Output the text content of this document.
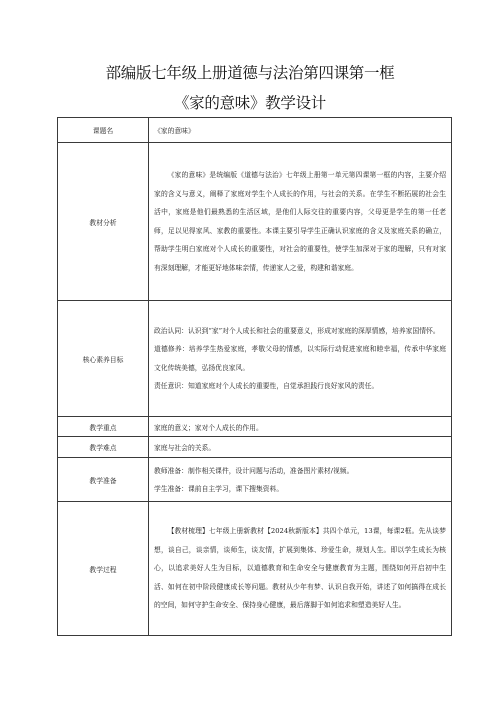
部编版七年级上册道德与法治第四课第一框
《家的意味》教学设计
课题名	《家的意味》
教材分析	《家的意味》是统编版《道德与法治》七年级上册第一单元第四课第一框的内容，主要介绍家的含义与意义，阐释了家庭对学生个人成长的作用，与社会的关系。在学生不断拓展的社会生活中，家庭是他们最熟悉的生活区域，是他们人际交往的重要内容，父母更是学生的第一任老师，足以见得家风、家教的重要性。本课主要引导学生正确认识家庭的含义及家庭关系的确立，帮助学生明白家庭对个人成长的重要性，对社会的重要性，使学生加深对于家的理解，只有对家有深刻理解，才能更好地体味亲情，传递家人之爱，构建和谐家庭。

核心素养目标	政治认同：认识到“家”对个人成长和社会的重要意义，形成对家庭的深厚情感，培养家国情怀。

道德修养：培养学生热爱家庭，孝敬父母的情感，以实际行动促进家庭和睦幸福，传承中华家庭文化传统美德，弘扬优良家风。

责任意识：知道家庭对个人成长的重要性，自觉承担践行良好家风的责任。

教学重点	家庭的意义；家对个人成长的作用。
教学难点	家庭与社会的关系。
教学准备	教师准备：制作相关课件，设计问题与活动，准备图片素材/视频。
学生准备：课前自主学习，课下搜集资料。

教学过程	【教材梳理】七年级上册新教材【2024秋新版本】共四个单元，13课，每课2框。先从谈梦想，谈自己，谈亲情，谈师生，谈友情，扩展到集体、珍爱生命，规划人生。即以学生成长为核心，以追求美好人生为目标，以道德教育和生命安全与健康教育为主题，围绕如何开启初中生活、如何在初中阶段健康成长等问题。教材从少年有梦、认识自我开始，讲述了如何搞得在成长的空间，如何守护生命安全、保持身心健康，最后落脚于如何追求和塑造美好人生。
